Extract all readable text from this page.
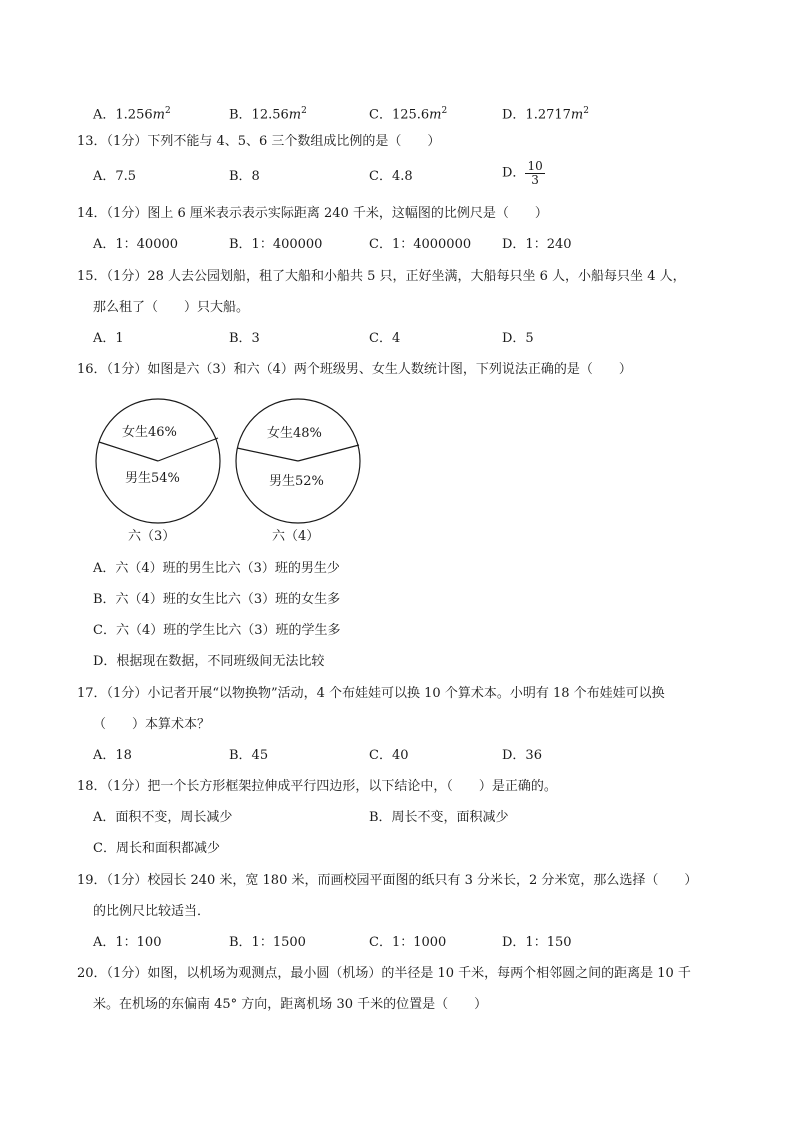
A．$1.256m^2$	B．$12.56m^2$	C．$125.6m^2$	D．$1.2717m^2$
13．（1分）下列不能与 4、5、6 三个数组成比例的是（　　）
A．7.5	B．8	C．4.8	D． $\frac{10}{3}$
14．（1分）图上 6 厘米表示表示实际距离 240 千米，这幅图的比例尺是（　　）
A．1：40000	B．1：400000	C．1：4000000 D．1：240
15．（1分）28 人去公园划船，租了大船和小船共 5 只，正好坐满，大船每只坐 6 人，小船每只坐 4 人，
那么租了（　　）只大船。
A．1	B．3	C．4	D．5
16．（1分）如图是六（3）和六（4）两个班级男、女生人数统计图，下列说法正确的是（　　）
女生46%
男生54%
六（3）
女生48%
男生52%
六（4）
A．六（4）班的男生比六（3）班的男生少
B．六（4）班的女生比六（3）班的女生多
C．六（4）班的学生比六（3）班的学生多
D．根据现在数据，不同班级间无法比较
17．（1分）小记者开展“以物换物”活动，4 个布娃娃可以换 10 个算术本。小明有 18 个布娃娃可以换
（　　）本算术本？
A．18	B．45	C．40	D．36
18．（1分）把一个长方形框架拉伸成平行四边形，以下结论中，（　　）是正确的。
A．面积不变，周长减少	B．周长不变，面积减少
C．周长和面积都减少
19．（1分）校园长 240 米，宽 180 米，而画校园平面图的纸只有 3 分米长，2 分米宽，那么选择（　　）
的比例尺比较适当．
A．1：100	B．1：1500	C．1：1000	D．1：150
20．（1分）如图，以机场为观测点，最小圆（机场）的半径是 10 千米，每两个相邻圆之间的距离是 10 千
米。在机场的东偏南 45° 方向，距离机场 30 千米的位置是（　　）
